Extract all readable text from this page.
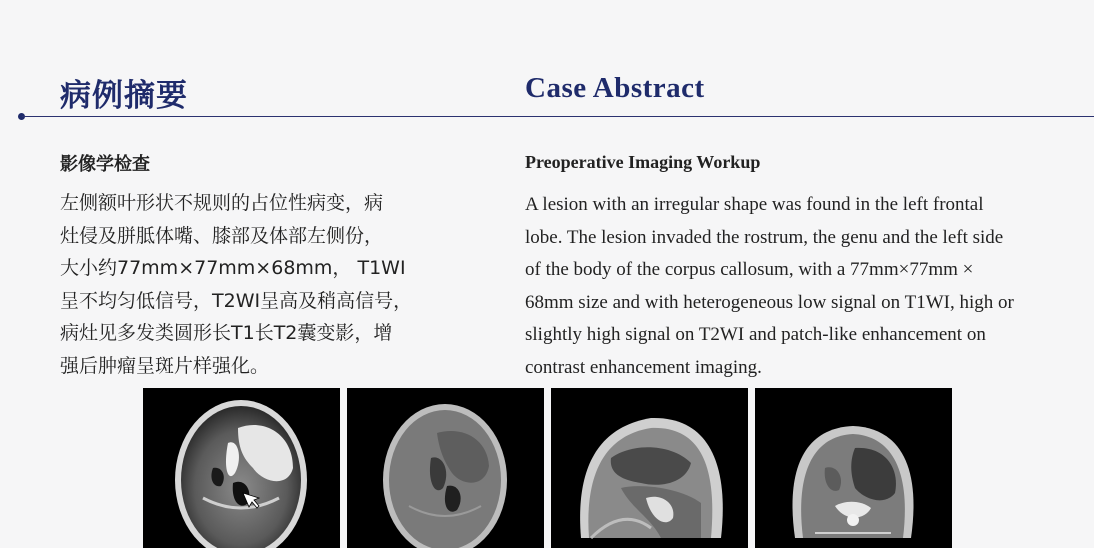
病例摘要	Case Abstract
影像学检查	Preoperative Imaging Workup
左侧额叶形状不规则的占位性病变，病
灶侵及胼胝体嘴、膝部及体部左侧份，
大小约77mm×77mm×68mm， T1WI
呈不均匀低信号，T2WI呈高及稍高信号，
病灶见多发类圆形长T1长T2囊变影，增
强后肿瘤呈斑片样强化。
A lesion with an irregular shape was found in the left frontal
lobe. The lesion invaded the rostrum, the genu and the left side
of the body of the corpus callosum, with a 77mm×77mm ×
68mm size and with heterogeneous low signal on T1WI, high or
slightly high signal on T2WI and patch-like enhancement on
contrast enhancement imaging.
